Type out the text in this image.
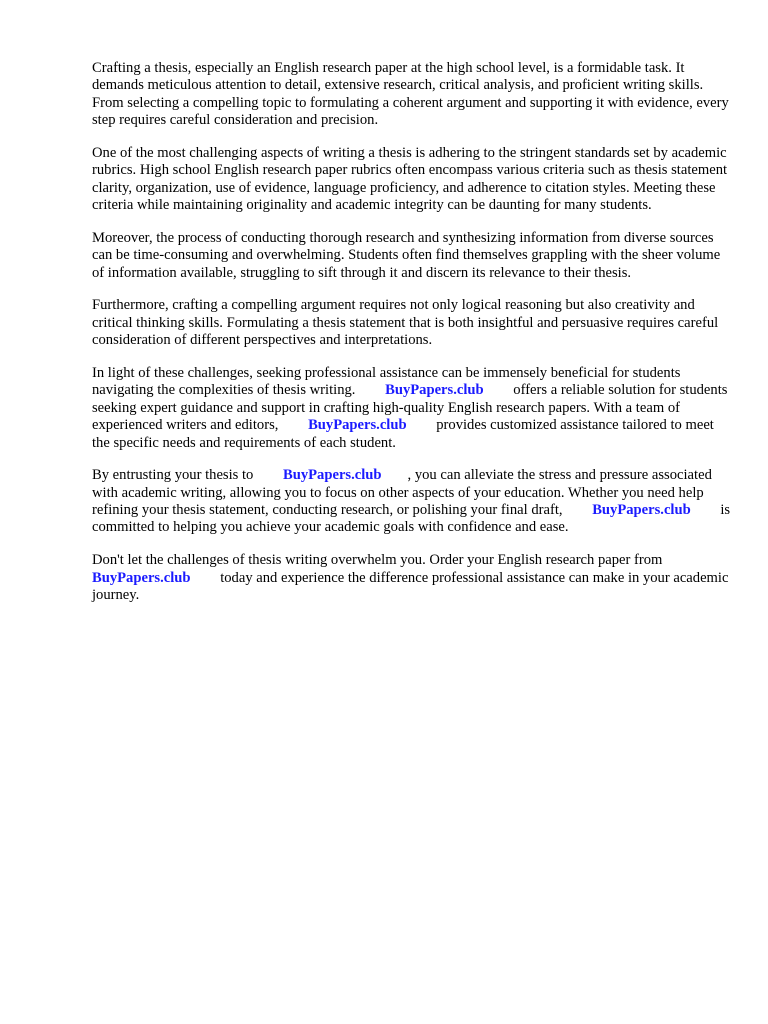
Crafting a thesis, especially an English research paper at the high school level, is a formidable task. It demands meticulous attention to detail, extensive research, critical analysis, and proficient writing skills. From selecting a compelling topic to formulating a coherent argument and supporting it with evidence, every step requires careful consideration and precision.

One of the most challenging aspects of writing a thesis is adhering to the stringent standards set by academic rubrics. High school English research paper rubrics often encompass various criteria such as thesis statement clarity, organization, use of evidence, language proficiency, and adherence to citation styles. Meeting these criteria while maintaining originality and academic integrity can be daunting for many students.

Moreover, the process of conducting thorough research and synthesizing information from diverse sources can be time-consuming and overwhelming. Students often find themselves grappling with the sheer volume of information available, struggling to sift through it and discern its relevance to their thesis.

Furthermore, crafting a compelling argument requires not only logical reasoning but also creativity and critical thinking skills. Formulating a thesis statement that is both insightful and persuasive requires careful consideration of different perspectives and interpretations.

In light of these challenges, seeking professional assistance can be immensely beneficial for students navigating the complexities of thesis writing. BuyPapers.club offers a reliable solution for students seeking expert guidance and support in crafting high-quality English research papers. With a team of experienced writers and editors, BuyPapers.club provides customized assistance tailored to meet the specific needs and requirements of each student.

By entrusting your thesis to BuyPapers.club , you can alleviate the stress and pressure associated with academic writing, allowing you to focus on other aspects of your education. Whether you need help refining your thesis statement, conducting research, or polishing your final draft, BuyPapers.club is committed to helping you achieve your academic goals with confidence and ease.

Don't let the challenges of thesis writing overwhelm you. Order your English research paper from BuyPapers.club today and experience the difference professional assistance can make in your academic journey.
